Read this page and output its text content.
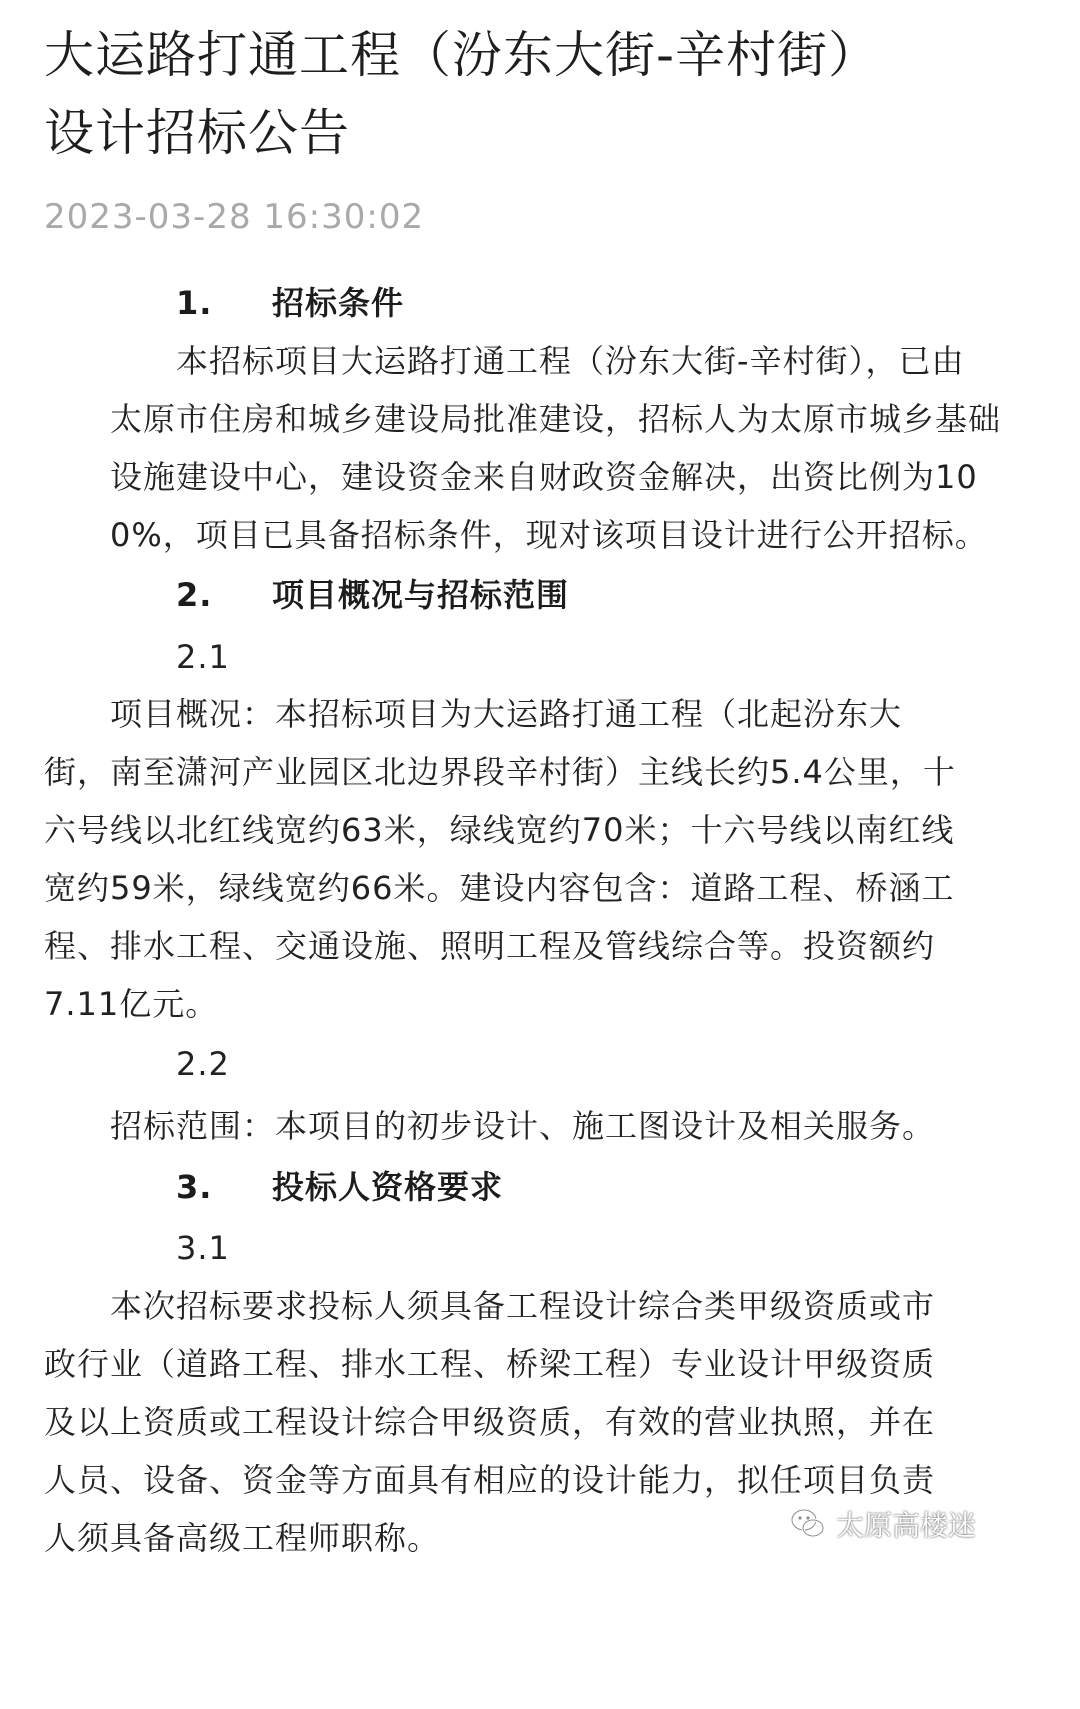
大运路打通工程（汾东大街-辛村街）
设计招标公告
2023-03-28 16:30:02
1. 招标条件
本招标项目大运路打通工程（汾东大街-辛村街），已由
太原市住房和城乡建设局批准建设，招标人为太原市城乡基础
设施建设中心，建设资金来自财政资金解决，出资比例为10
0%，项目已具备招标条件，现对该项目设计进行公开招标。
2. 项目概况与招标范围
2.1
项目概况：本招标项目为大运路打通工程（北起汾东大
街，南至潇河产业园区北边界段辛村街）主线长约5.4公里，十
六号线以北红线宽约63米，绿线宽约70米；十六号线以南红线
宽约59米，绿线宽约66米。建设内容包含：道路工程、桥涵工
程、排水工程、交通设施、照明工程及管线综合等。投资额约
7.11亿元。
2.2
招标范围：本项目的初步设计、施工图设计及相关服务。
3. 投标人资格要求
3.1
本次招标要求投标人须具备工程设计综合类甲级资质或市
政行业（道路工程、排水工程、桥梁工程）专业设计甲级资质
及以上资质或工程设计综合甲级资质，有效的营业执照，并在
人员、设备、资金等方面具有相应的设计能力，拟任项目负责
人须具备高级工程师职称。	太原高楼迷
